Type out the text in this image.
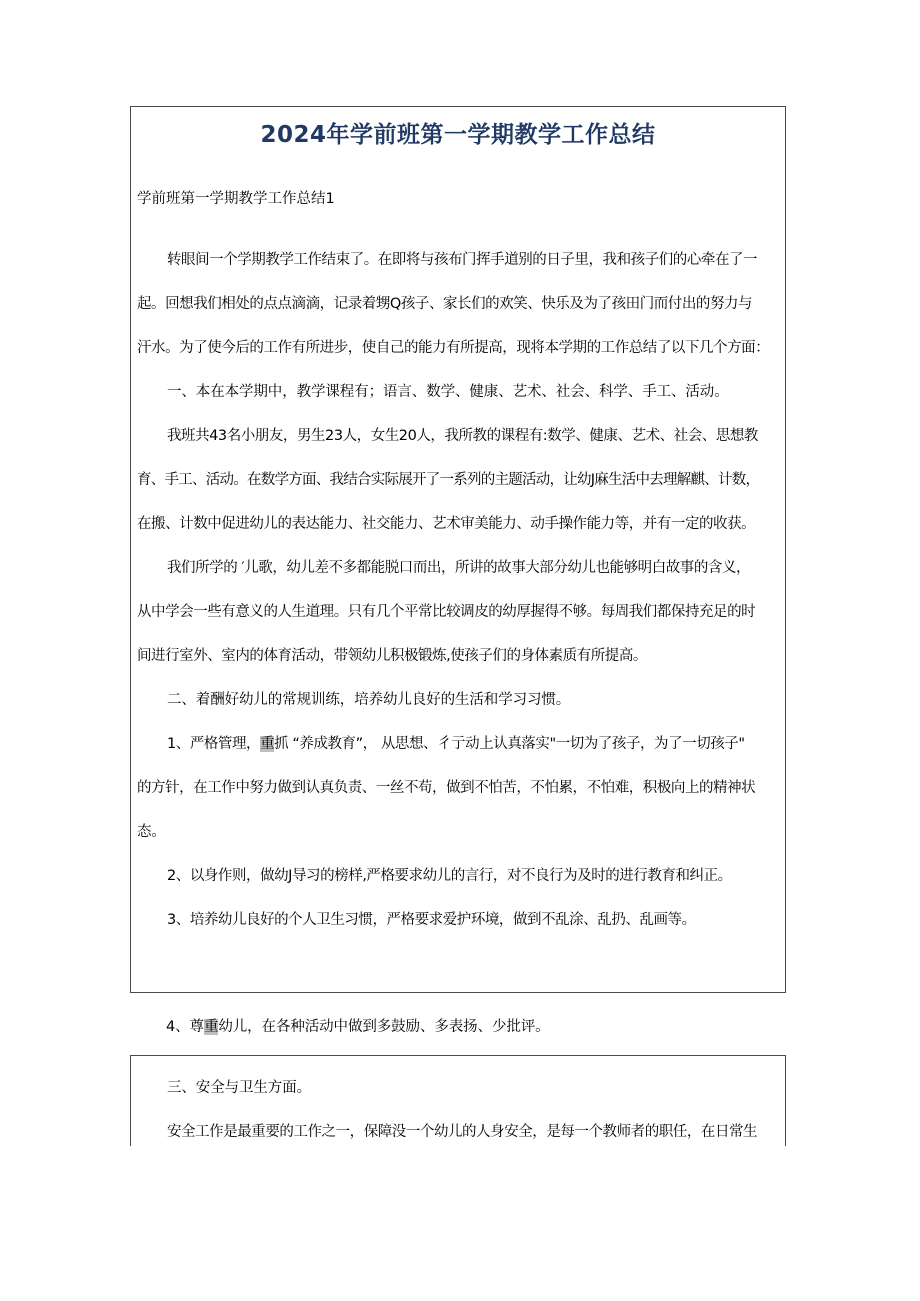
2024年学前班第一学期教学工作总结
学前班第一学期教学工作总结1
转眼间一个学期教学工作结束了。在即将与孩布门挥手道别的日子里，我和孩子们的心牵在了一
起。回想我们相处的点点滴滴，记录着甥Q孩子、家长们的欢笑、快乐及为了孩田门而付出的努力与
汗水。为了使今后的工作有所进步，使自己的能力有所提高，现将本学期的工作总结了以下几个方面：
一、本在本学期中，教学课程有；语言、数学、健康、艺术、社会、科学、手工、活动。
我班共43名小朋友，男生23人，女生20人，我所教的课程有:数学、健康、艺术、社会、思想教
育、手工、活动。在数学方面、我结合实际展开了一系列的主题活动，让幼J麻生活中去理解麒、计数，
在搬、计数中促进幼儿的表达能力、社交能力、艺术审美能力、动手操作能力等，并有一定的收获。
我们所学的 ′儿歌，幼儿差不多都能脱口而出，所讲的故事大部分幼儿也能够明白故事的含义，
从中学会一些有意义的人生道理。只有几个平常比较调皮的幼厚握得不够。每周我们都保持充足的时
间进行室外、室内的体育活动，带领幼儿积极锻炼,使孩子们的身体素质有所提高。
二、着酬好幼儿的常规训练，培养幼儿良好的生活和学习习惯。
1、严格管理，重抓 “养成教育”， 从思想、彳亍动上认真落实"一切为了孩子，为了一切孩子"
的方针，在工作中努力做到认真负责、一丝不苟，做到不怕苦，不怕累，不怕难，积极向上的精神状
态。
2、以身作则，做幼J导习的榜样,严格要求幼儿的言行，对不良行为及时的进行教育和纠正。
3、培养幼儿良好的个人卫生习惯，严格要求爱护环境，做到不乱涂、乱扔、乱画等。
4、尊重幼儿，在各种活动中做到多鼓励、多表扬、少批评。
三、安全与卫生方面。
安全工作是最重要的工作之一，保障没一个幼儿的人身安全，是每一个教师者的职任，在日常生
